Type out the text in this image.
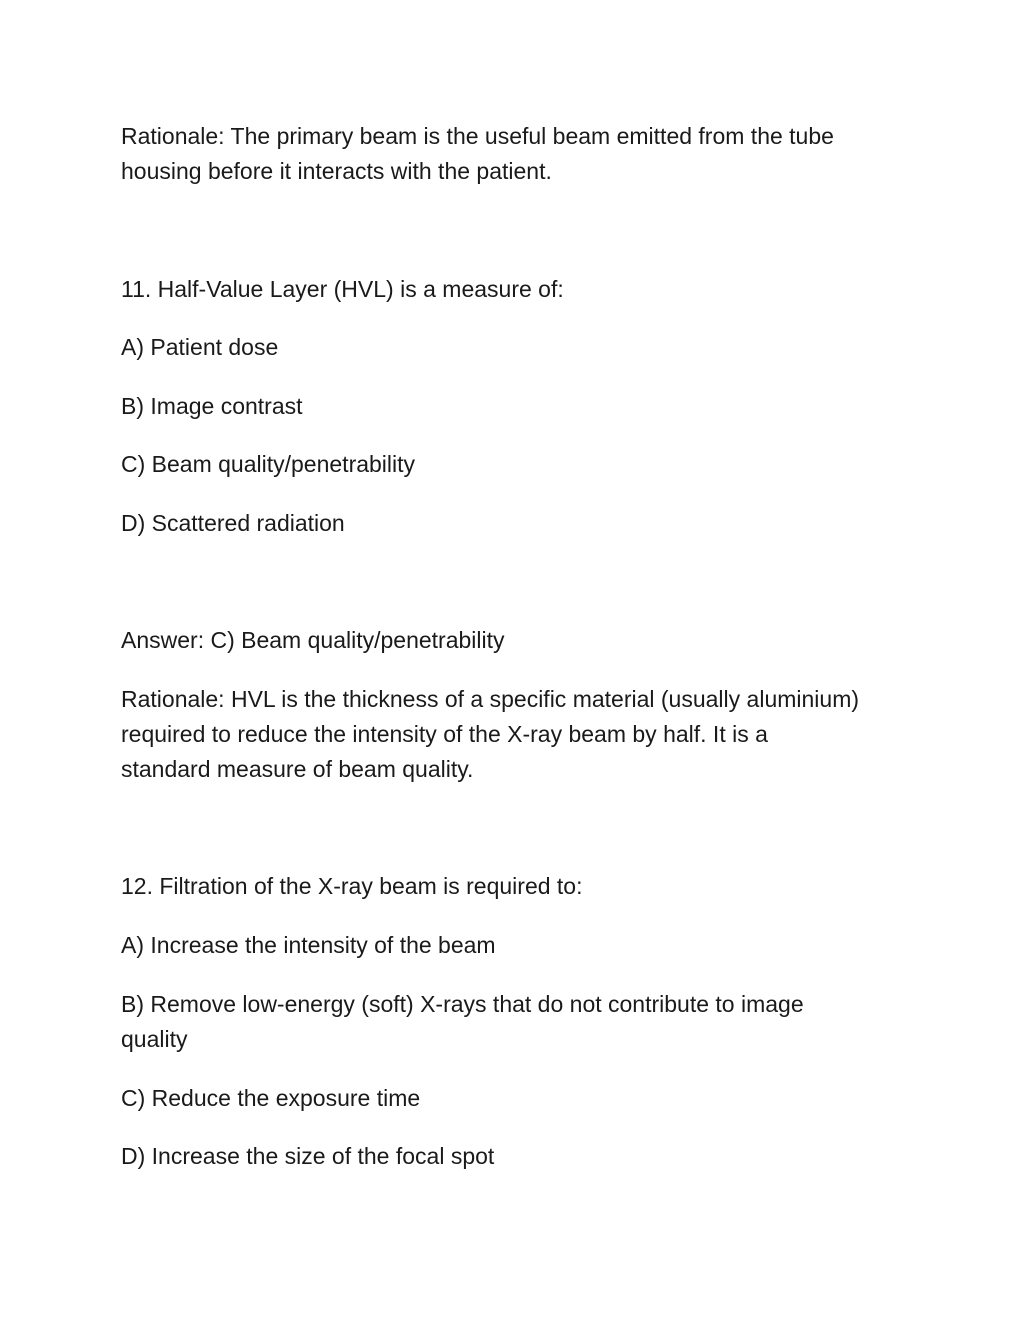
Rationale: The primary beam is the useful beam emitted from the tube
housing before it interacts with the patient.
11. Half-Value Layer (HVL) is a measure of:
A) Patient dose
B) Image contrast
C) Beam quality/penetrability
D) Scattered radiation
Answer: C) Beam quality/penetrability
Rationale: HVL is the thickness of a specific material (usually aluminium)
required to reduce the intensity of the X-ray beam by half. It is a
standard measure of beam quality.
12. Filtration of the X-ray beam is required to:
A) Increase the intensity of the beam
B) Remove low-energy (soft) X-rays that do not contribute to image
quality
C) Reduce the exposure time
D) Increase the size of the focal spot
